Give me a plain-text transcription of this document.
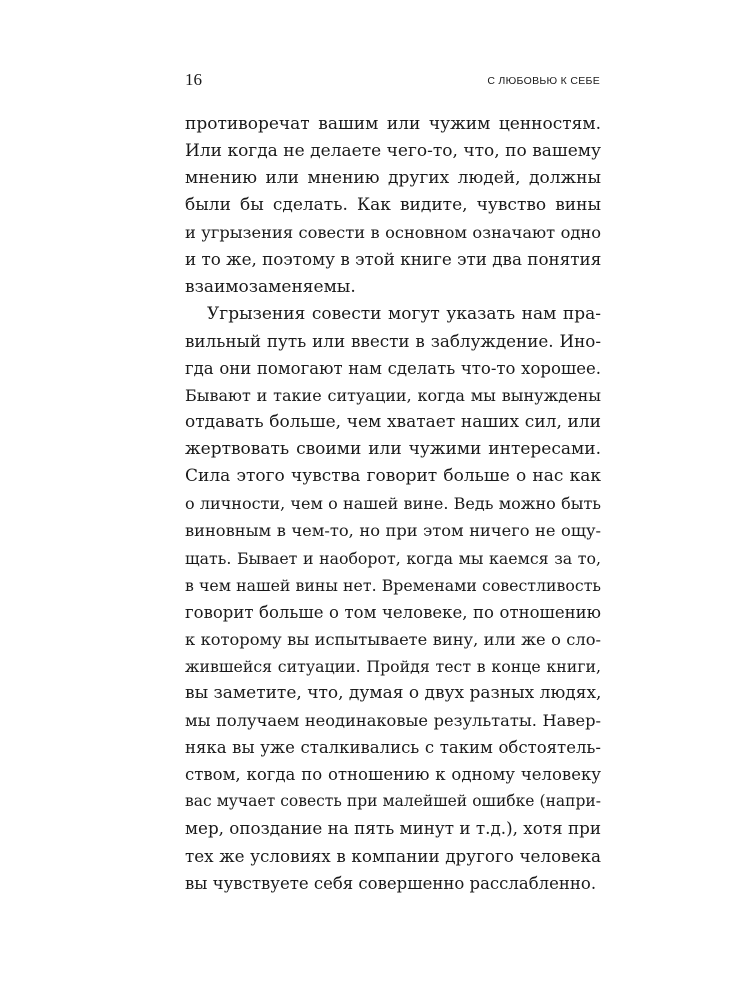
16	С ЛЮБОВЬЮ К СЕБЕ
противоречат вашим или чужим ценностям.
Или когда не делаете чего-то, что, по вашему
мнению или мнению других людей, должны
были бы сделать. Как видите, чувство вины
и угрызения совести в основном означают одно
и то же, поэтому в этой книге эти два понятия
взаимозаменяемы.
Угрызения совести могут указать нам пра-
вильный путь или ввести в заблуждение. Ино-
гда они помогают нам сделать что-то хорошее.
Бывают и такие ситуации, когда мы вынуждены
отдавать больше, чем хватает наших сил, или
жертвовать своими или чужими интересами.
Сила этого чувства говорит больше о нас как
о личности, чем о нашей вине. Ведь можно быть
виновным в чем-то, но при этом ничего не ощу-
щать. Бывает и наоборот, когда мы каемся за то,
в чем нашей вины нет. Временами совестливость
говорит больше о том человеке, по отношению
к которому вы испытываете вину, или же о сло-
жившейся ситуации. Пройдя тест в конце книги,
вы заметите, что, думая о двух разных людях,
мы получаем неодинаковые результаты. Навер-
няка вы уже сталкивались с таким обстоятель-
ством, когда по отношению к одному человеку
вас мучает совесть при малейшей ошибке (напри-
мер, опоздание на пять минут и т.д.), хотя при
тех же условиях в компании другого человека
вы чувствуете себя совершенно расслабленно.
